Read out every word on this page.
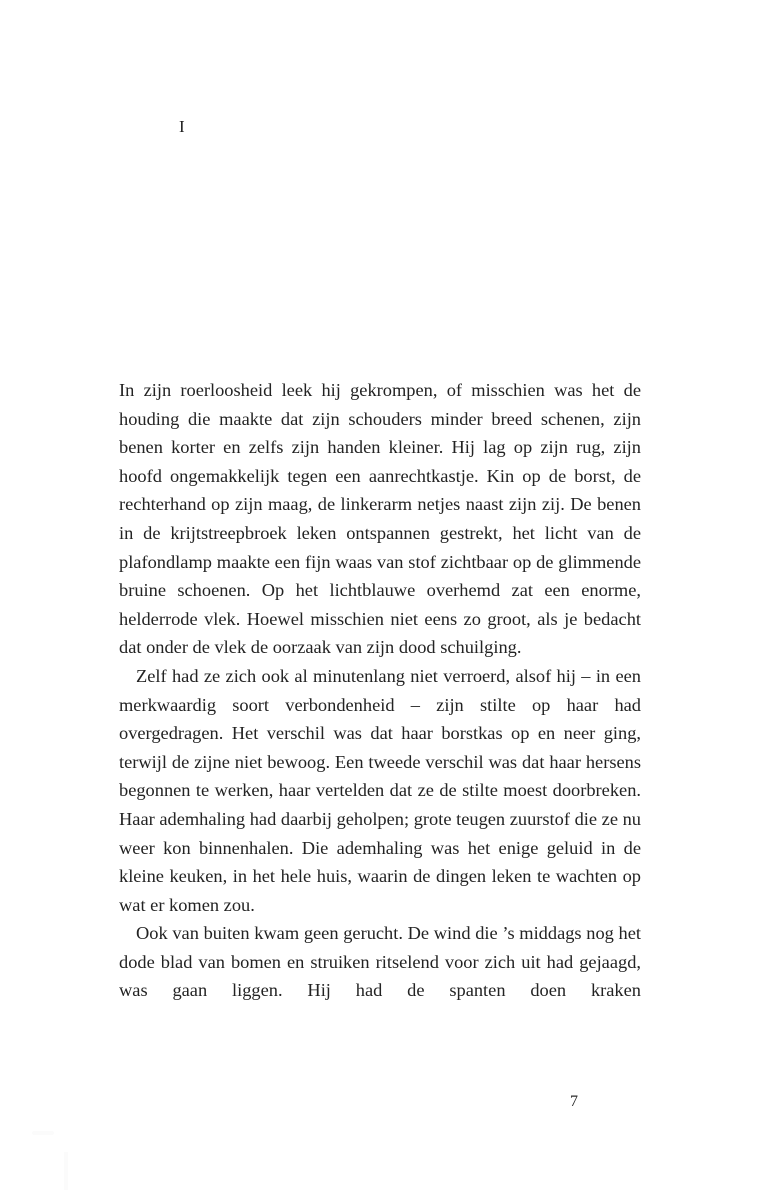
I

In zijn roerloosheid leek hij gekrompen, of misschien was het de houding die maakte dat zijn schouders minder breed schenen, zijn benen korter en zelfs zijn handen kleiner. Hij lag op zijn rug, zijn hoofd ongemakkelijk tegen een aanrechtkastje. Kin op de borst, de rechterhand op zijn maag, de linkerarm netjes naast zijn zij. De benen in de krijtstreepbroek leken ontspannen gestrekt, het licht van de plafondlamp maakte een fijn waas van stof zichtbaar op de glimmende bruine schoenen. Op het lichtblauwe overhemd zat een enorme, helderrode vlek. Hoewel misschien niet eens zo groot, als je bedacht dat onder de vlek de oorzaak van zijn dood schuilging.

Zelf had ze zich ook al minutenlang niet verroerd, alsof hij – in een merkwaardig soort verbondenheid – zijn stilte op haar had overgedragen. Het verschil was dat haar borstkas op en neer ging, terwijl de zijne niet bewoog. Een tweede verschil was dat haar hersens begonnen te werken, haar vertelden dat ze de stilte moest doorbreken. Haar ademhaling had daarbij geholpen; grote teugen zuurstof die ze nu weer kon binnenhalen. Die ademhaling was het enige geluid in de kleine keuken, in het hele huis, waarin de dingen leken te wachten op wat er komen zou.

Ook van buiten kwam geen gerucht. De wind die ’s middags nog het dode blad van bomen en struiken ritselend voor zich uit had gejaagd, was gaan liggen. Hij had de spanten doen kraken

7
